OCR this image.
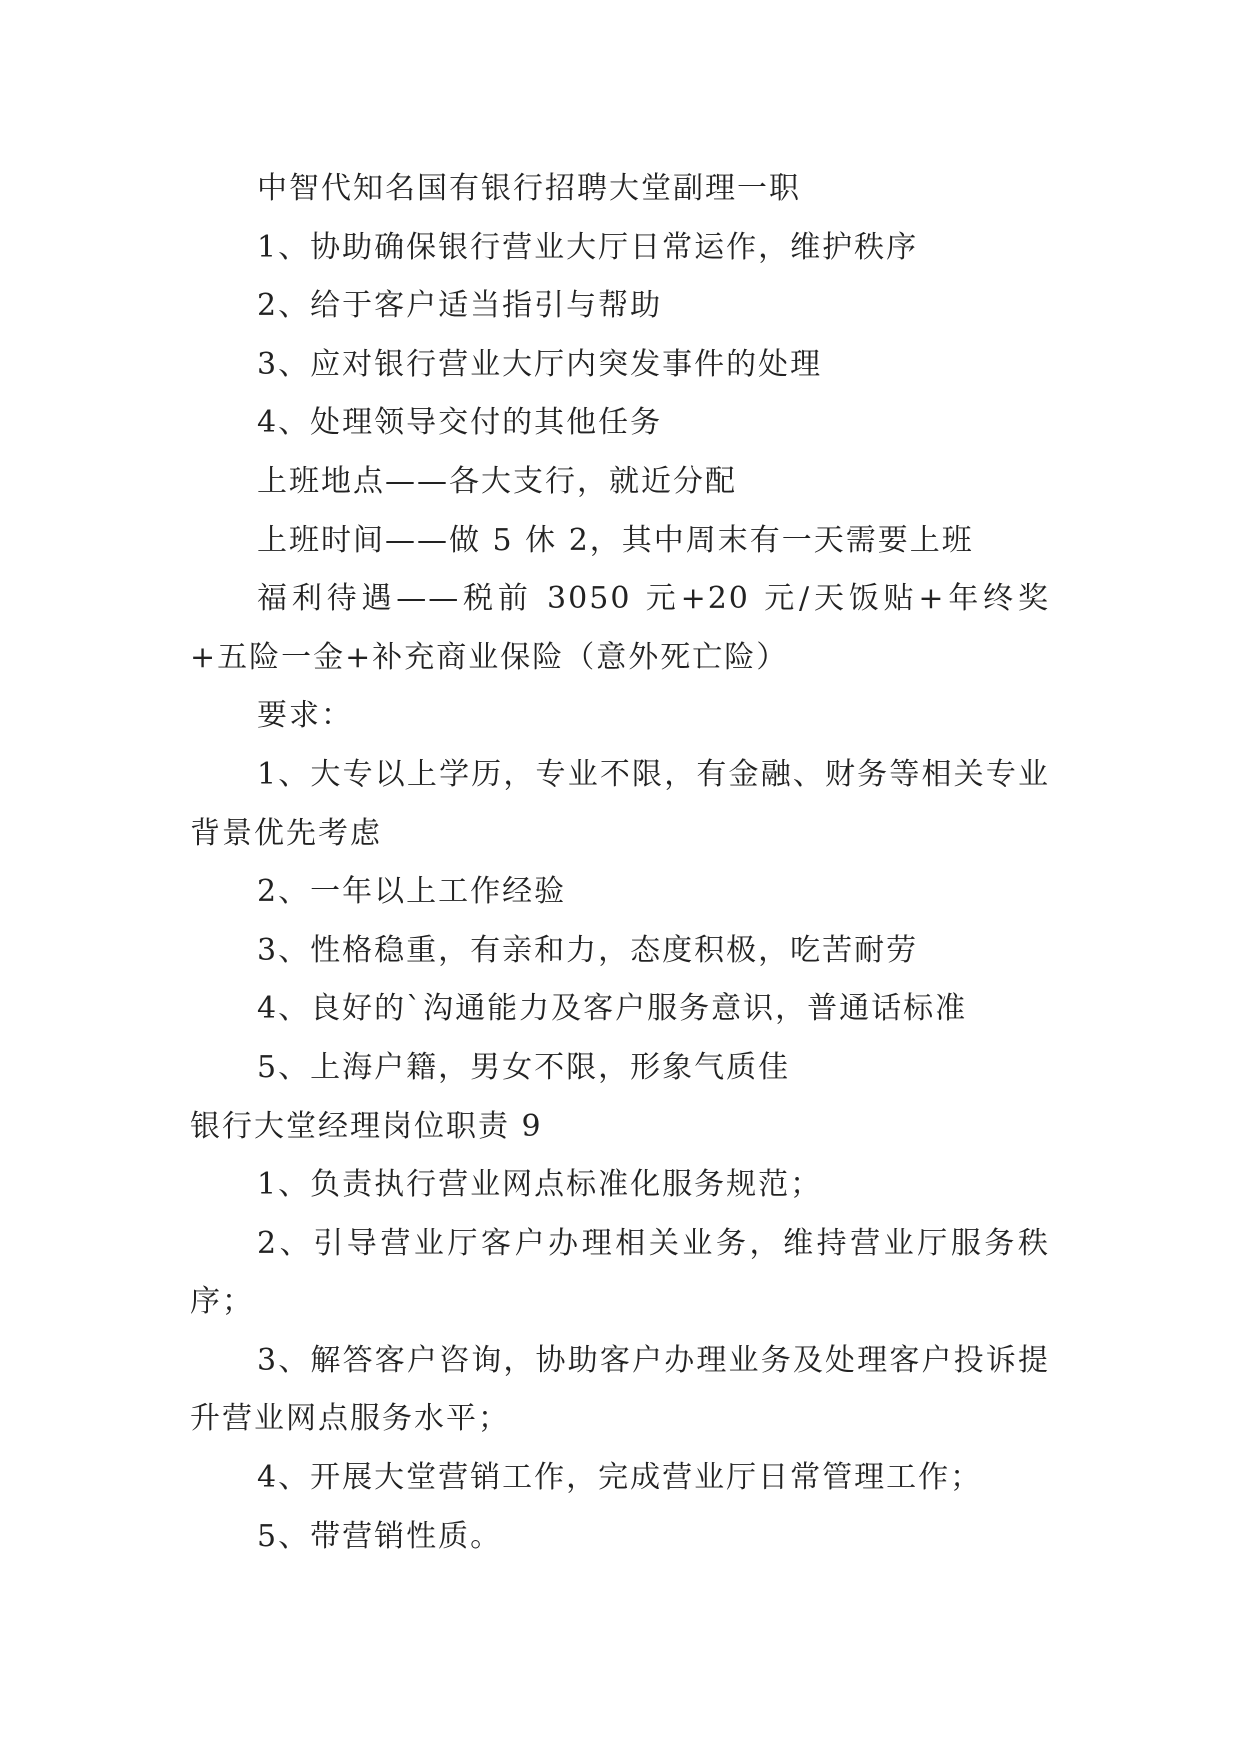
中智代知名国有银行招聘大堂副理一职

1、协助确保银行营业大厅日常运作，维护秩序

2、给于客户适当指引与帮助

3、应对银行营业大厅内突发事件的处理

4、处理领导交付的其他任务

上班地点——各大支行，就近分配

上班时间——做 5 休 2，其中周末有一天需要上班

福利待遇——税前 3050 元+20 元/天饭贴+年终奖+五险一金+补充商业保险（意外死亡险）

要求：

1、大专以上学历，专业不限，有金融、财务等相关专业背景优先考虑

2、一年以上工作经验

3、性格稳重，有亲和力，态度积极，吃苦耐劳

4、良好的`沟通能力及客户服务意识，普通话标准

5、上海户籍，男女不限，形象气质佳

银行大堂经理岗位职责 9

1、负责执行营业网点标准化服务规范；

2、引导营业厅客户办理相关业务，维持营业厅服务秩序；

3、解答客户咨询，协助客户办理业务及处理客户投诉提升营业网点服务水平；

4、开展大堂营销工作，完成营业厅日常管理工作；

5、带营销性质。
